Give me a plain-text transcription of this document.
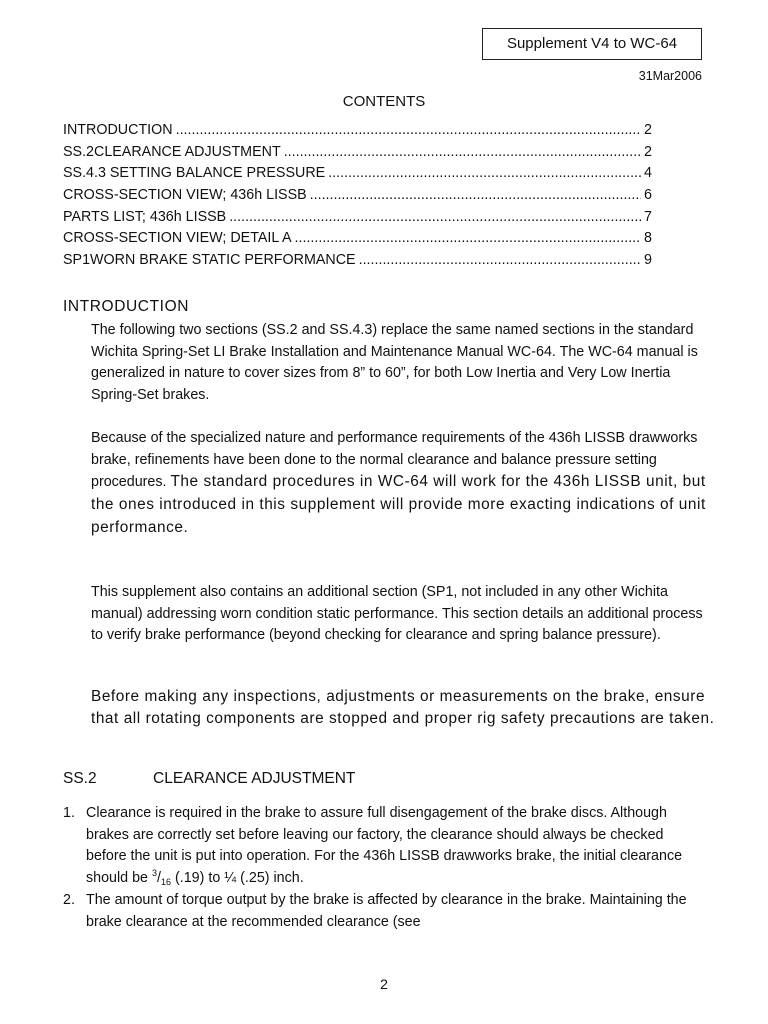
Supplement V4 to WC-64
31Mar2006
CONTENTS
INTRODUCTION .....	2
SS.2 CLEARANCE ADJUSTMENT .....	2
SS.4.3 SETTING BALANCE PRESSURE .....	4
CROSS-SECTION VIEW; 436h LISSB .....	6
PARTS LIST; 436h LISSB .....	7
CROSS-SECTION VIEW; DETAIL A .....	8
SP1 WORN BRAKE STATIC PERFORMANCE .....	9
INTRODUCTION

The following two sections (SS.2 and SS.4.3) replace the same named sections in the standard Wichita Spring-Set LI Brake Installation and Maintenance Manual WC-64. The WC-64 manual is generalized in nature to cover sizes from 8” to 60”, for both Low Inertia and Very Low Inertia Spring-Set brakes.

Because of the specialized nature and performance requirements of the 436h LISSB drawworks brake, refinements have been done to the normal clearance and balance pressure setting procedures. The standard procedures in WC-64 will work for the 436h LISSB unit, but the ones introduced in this supplement will provide more exacting indications of unit performance.

This supplement also contains an additional section (SP1, not included in any other Wichita manual) addressing worn condition static performance. This section details an additional process to verify brake performance (beyond checking for clearance and spring balance pressure).

Before making any inspections, adjustments or measurements on the brake, ensure that all rotating components are stopped and proper rig safety precautions are taken.

SS.2	CLEARANCE ADJUSTMENT
1. Clearance is required in the brake to assure full disengagement of the brake discs. Although brakes are correctly set before leaving our factory, the clearance should always be checked before the unit is put into operation. For the 436h LISSB drawworks brake, the initial clearance should be $^3/_{16}$ (.19) to ¼ (.25) inch.
2. The amount of torque output by the brake is affected by clearance in the brake. Maintaining the brake clearance at the recommended clearance (see
2
